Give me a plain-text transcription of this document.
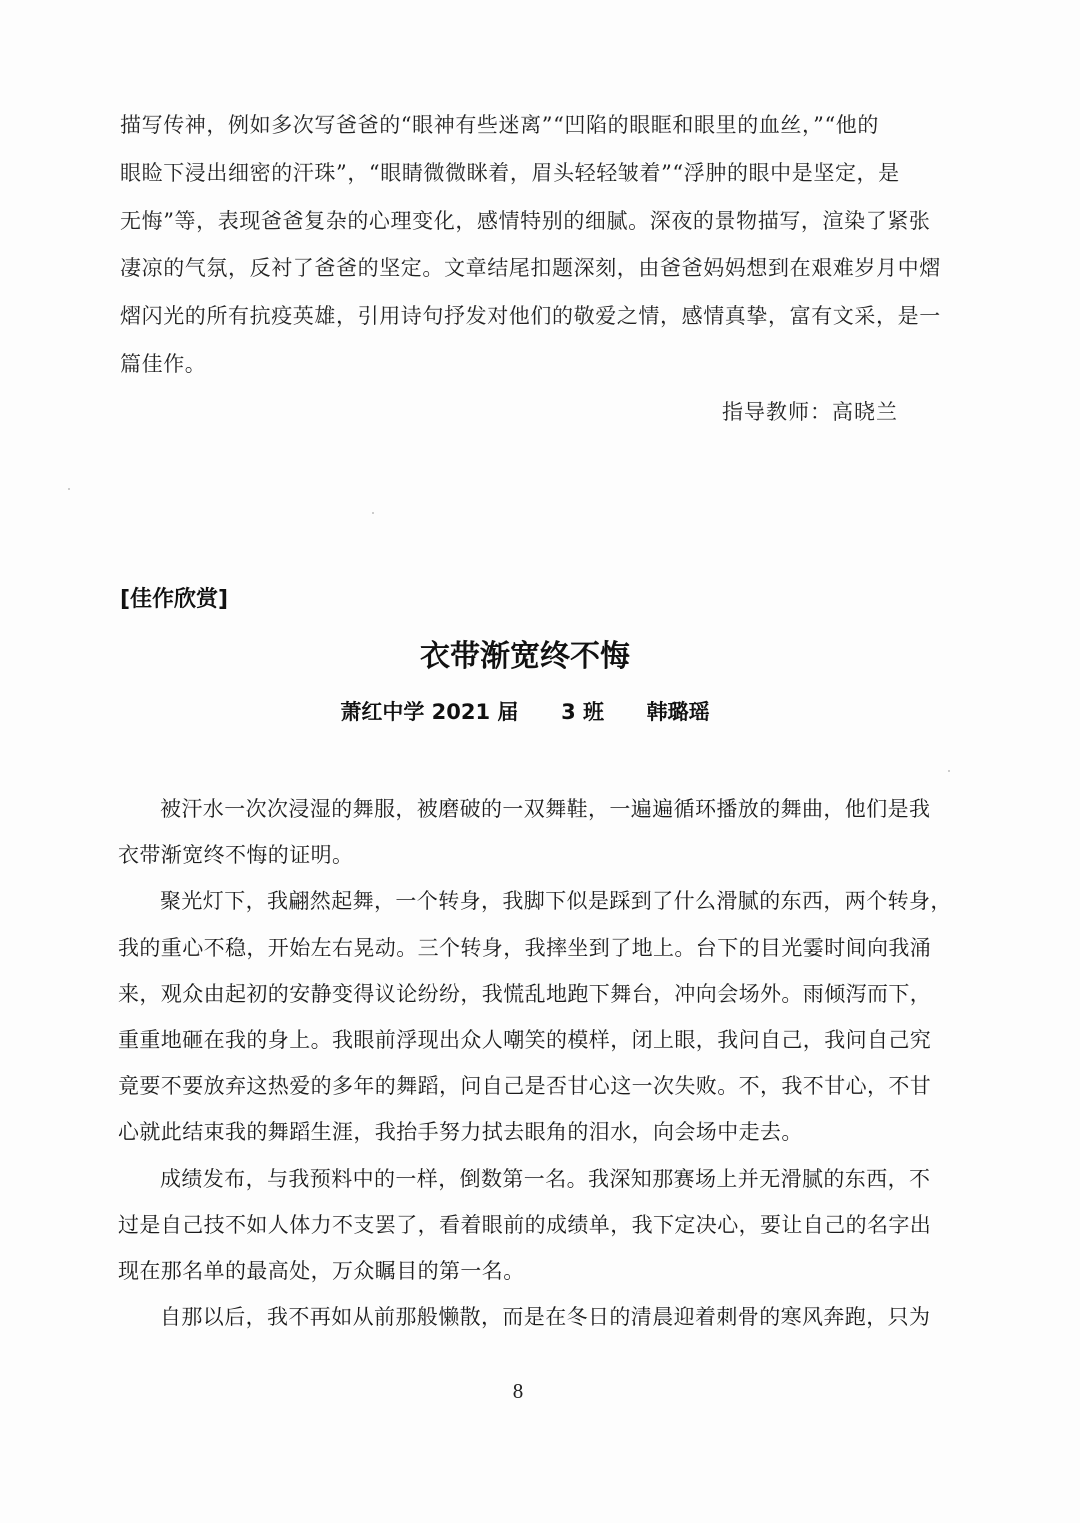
描写传神，例如多次写爸爸的“眼神有些迷离”“凹陷的眼眶和眼里的血丝，”“他的
眼睑下浸出细密的汗珠”，“眼睛微微眯着，眉头轻轻皱着”“浮肿的眼中是坚定，是
无悔”等，表现爸爸复杂的心理变化，感情特别的细腻。深夜的景物描写，渲染了紧张
凄凉的气氛，反衬了爸爸的坚定。文章结尾扣题深刻，由爸爸妈妈想到在艰难岁月中熠
熠闪光的所有抗疫英雄，引用诗句抒发对他们的敬爱之情，感情真挚，富有文采，是一
篇佳作。
指导教师：高晓兰
[佳作欣赏]
衣带渐宽终不悔
萧红中学 2021 届 3 班 韩璐瑶
被汗水一次次浸湿的舞服，被磨破的一双舞鞋，一遍遍循环播放的舞曲，他们是我
衣带渐宽终不悔的证明。
聚光灯下，我翩然起舞，一个转身，我脚下似是踩到了什么滑腻的东西，两个转身，
我的重心不稳，开始左右晃动。三个转身，我摔坐到了地上。台下的目光霎时间向我涌
来，观众由起初的安静变得议论纷纷，我慌乱地跑下舞台，冲向会场外。雨倾泻而下，
重重地砸在我的身上。我眼前浮现出众人嘲笑的模样，闭上眼，我问自己，我问自己究
竟要不要放弃这热爱的多年的舞蹈，问自己是否甘心这一次失败。不，我不甘心，不甘
心就此结束我的舞蹈生涯，我抬手努力拭去眼角的泪水，向会场中走去。
成绩发布，与我预料中的一样，倒数第一名。我深知那赛场上并无滑腻的东西，不
过是自己技不如人体力不支罢了，看着眼前的成绩单，我下定决心，要让自己的名字出
现在那名单的最高处，万众瞩目的第一名。
自那以后，我不再如从前那般懒散，而是在冬日的清晨迎着刺骨的寒风奔跑，只为
8
